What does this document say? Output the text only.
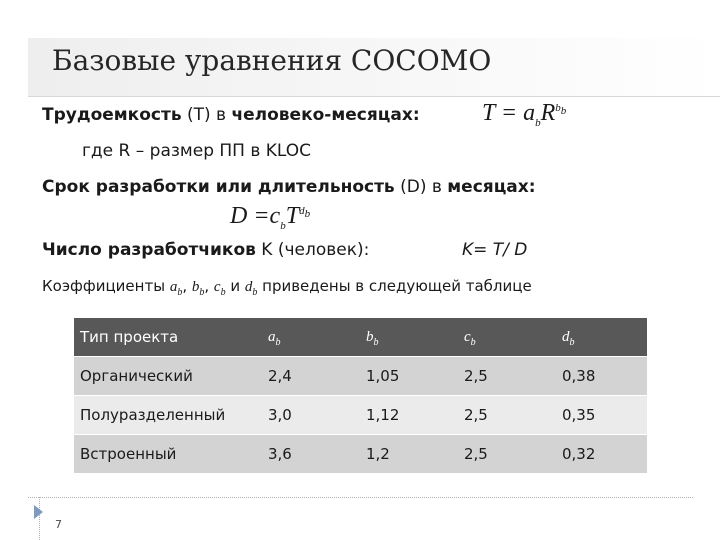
Базовые уравнения COCOMO
Трудоемкость (Т) в человеко-месяцах:	$T = a_bR^{b_b}$
где R – размер ПП в KLOC
Срок разработки или длительность (D) в месяцах:
$D =c_bT^{d_b}$
Число разработчиков K (человек):	K= T/ D
Коэффициенты $a_b$, $b_b$, $c_b$ и $d_b$ приведены в следующей таблице
Тип проекта	$a_b$	$b_b$	$c_b$	$d_b$
Органический	2,4	1,05	2,5	0,38
Полуразделенный	3,0	1,12	2,5	0,35
Встроенный	3,6	1,2	2,5	0,32
7
